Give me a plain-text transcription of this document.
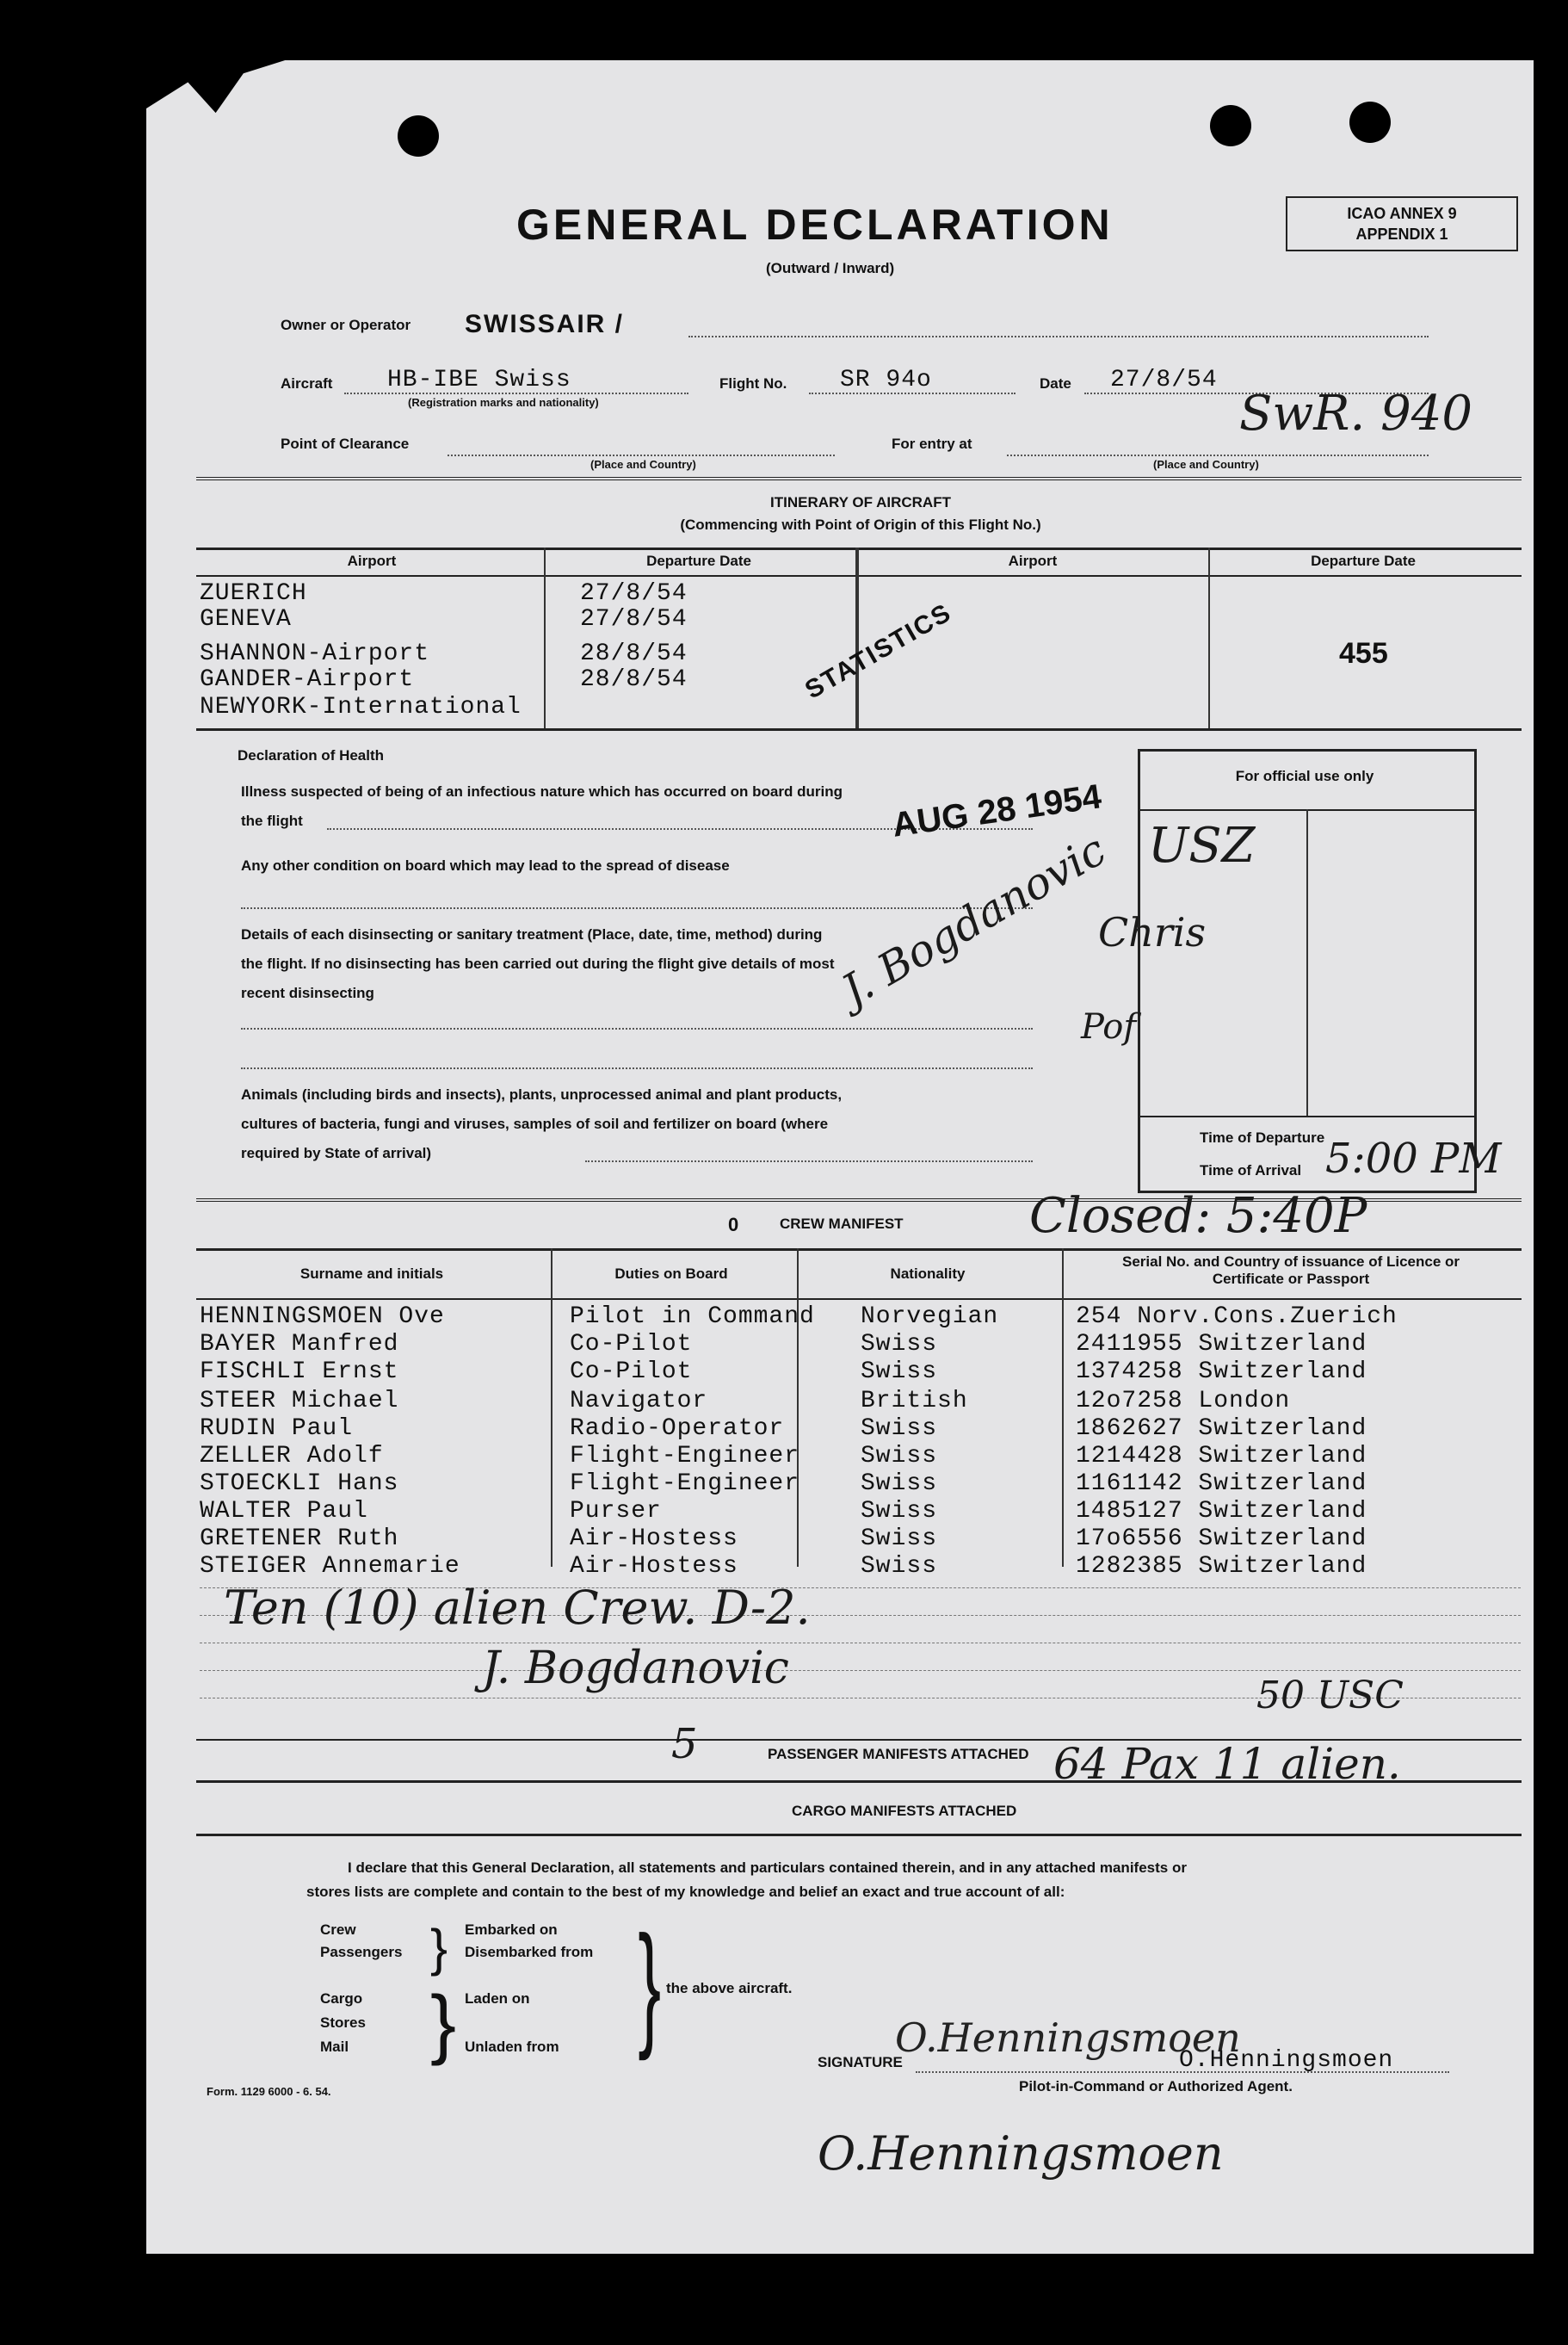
GENERAL DECLARATION
(Outward / Inward)
ICAO ANNEX 9
APPENDIX 1
Owner or Operator SWISSAIR /
Aircraft HB-IBE Swiss
(Registration marks and nationality)
Flight No. SR 94o	Date 27/8/54
SwR. 940
Point of Clearance
(Place and Country)
For entry at
(Place and Country)
ITINERARY OF AIRCRAFT
(Commencing with Point of Origin of this Flight No.)
Airport	Departure Date	Airport	Departure Date
ZUERICH	27/8/54
GENEVA	27/8/54
SHANNON-Airport	28/8/54
GANDER-Airport	28/8/54
NEWYORK-International
STATISTICS	455
Declaration of Health
Illness suspected of being of an infectious nature which has occurred on board during
the flight
Any other condition on board which may lead to the spread of disease
Details of each disinsecting or sanitary treatment (Place, date, time, method) during
the flight. If no disinsecting has been carried out during the flight give details of most
recent disinsecting
Animals (including birds and insects), plants, unprocessed animal and plant products,
cultures of bacteria, fungi and viruses, samples of soil and fertilizer on board (where
required by State of arrival)
AUG 28 1954
J. Bogdanovic
For official use only
USZ
Chris
Pof
Time of Departure
Time of Arrival 5:00 PM
0	CREW MANIFEST	Closed: 5:40P
Surname and initials	Duties on Board	Nationality
Serial No. and Country of issuance of Licence or Certificate or Passport
HENNINGSMOEN Ove	Pilot in Command Norvegian	254 Norv.Cons.Zuerich
BAYER Manfred	Co-Pilot	Swiss	2411955 Switzerland
FISCHLI Ernst	Co-Pilot	Swiss	1374258 Switzerland
STEER Michael	Navigator	British	12o7258 London
RUDIN Paul	Radio-Operator	Swiss	1862627 Switzerland
ZELLER Adolf	Flight-Engineer	Swiss	1214428 Switzerland
STOECKLI Hans	Flight-Engineer	Swiss	1161142 Switzerland
WALTER Paul	Purser	Swiss	1485127 Switzerland
GRETENER Ruth	Air-Hostess	Swiss	17o6556 Switzerland
STEIGER Annemarie	Air-Hostess	Swiss	1282385 Switzerland
Ten (10) alien Crew. D-2.
J. Bogdanovic
50 USC
5	PASSENGER MANIFESTS ATTACHED 64 Pax 11 alien.
CARGO MANIFESTS ATTACHED
I declare that this General Declaration, all statements and particulars contained therein, and in any attached manifests or
stores lists are complete and contain to the best of my knowledge and belief an exact and true account of all:
Crew
Passengers
Cargo
Stores
Mail
}
}
Embarked on
Disembarked from
Laden on
Unladen from } the above aircraft.
SIGNATURE
O.Henningsmoen
O.Henningsmoen
Pilot-in-Command or Authorized Agent.
O.Henningsmoen
Form. 1129 6000 - 6. 54.
